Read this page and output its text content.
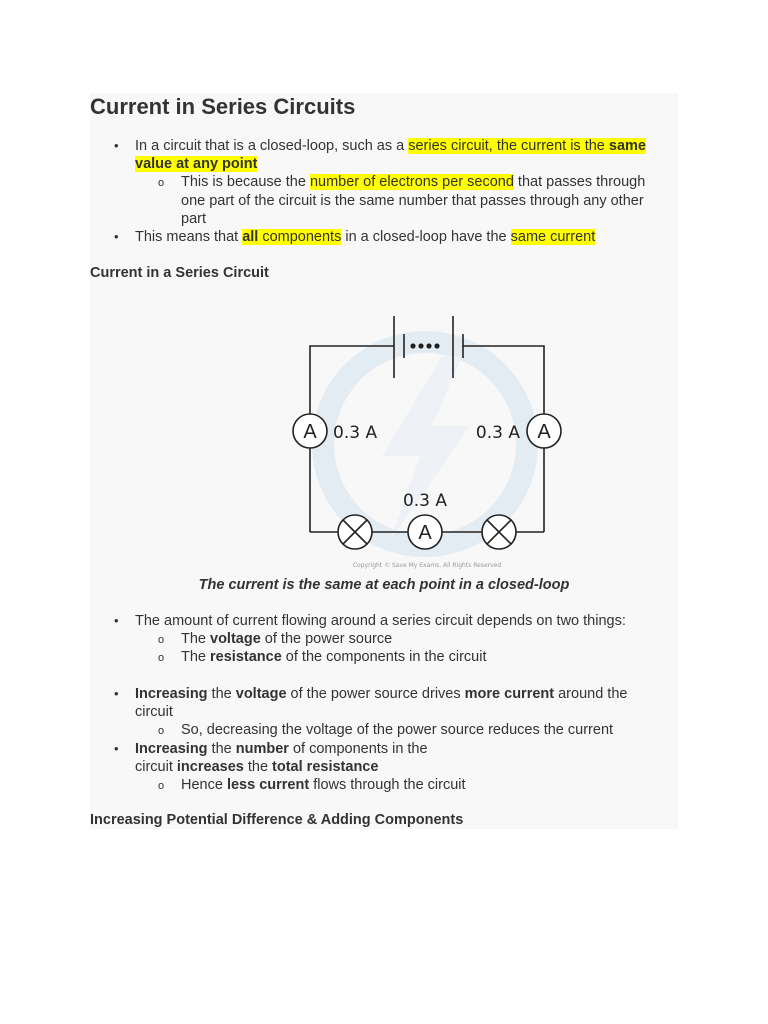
Current in Series Circuits
• In a circuit that is a closed-loop, such as a series circuit, the current is the same
value at any point
o This is because the number of electrons per second that passes through
one part of the circuit is the same number that passes through any other
part
• This means that all components in a closed-loop have the same current
Current in a Series Circuit
A 0.3 A	A
0.3 A
A
0.3 A
Copyright © Save My Exams. All Rights Reserved
The current is the same at each point in a closed-loop
• The amount of current flowing around a series circuit depends on two things:
o The voltage of the power source
o The resistance of the components in the circuit
• Increasing the voltage of the power source drives more current around the
circuit
o So, decreasing the voltage of the power source reduces the current
• Increasing the number of components in the
circuit increases the total resistance
o Hence less current flows through the circuit
Increasing Potential Difference & Adding Components
